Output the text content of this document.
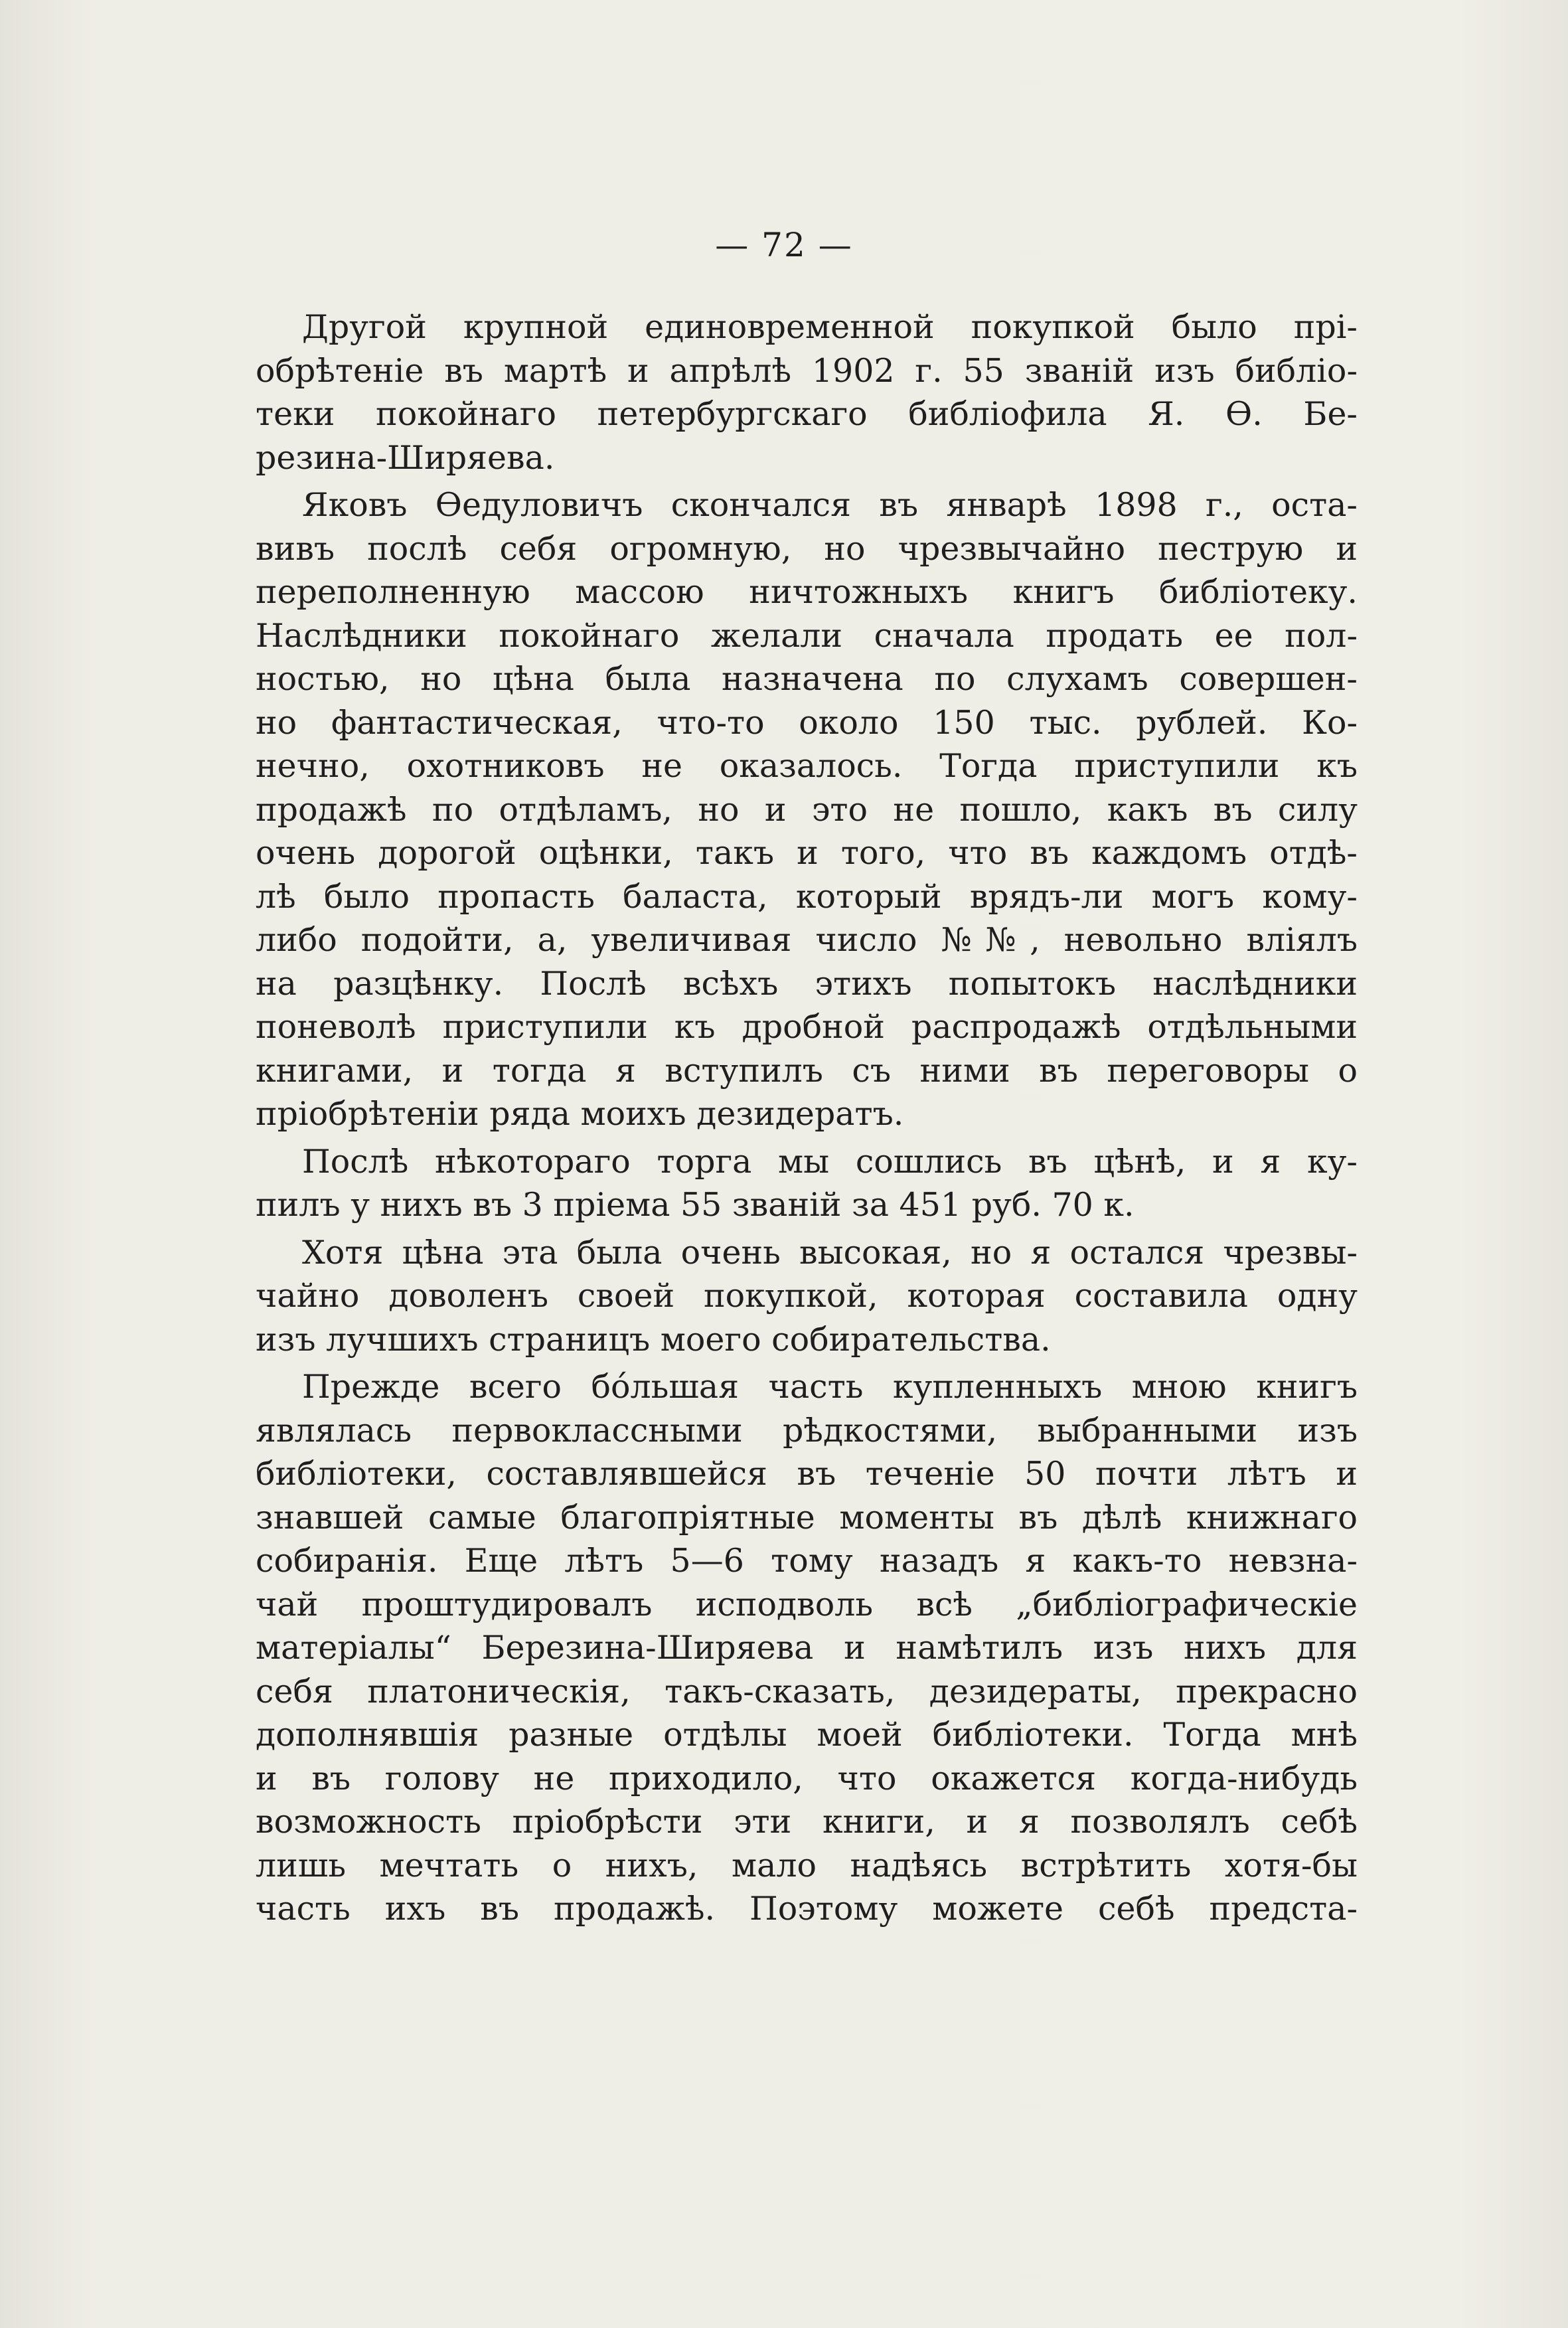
— 72 —
Другой крупной единовременной покупкой было прі-
обрѣтеніе въ мартѣ и апрѣлѣ 1902 г. 55 званій изъ библіо-
теки покойнаго петербургскаго библіофила Я. Ѳ. Бе-
резина-Ширяева.
Яковъ Ѳедуловичъ скончался въ январѣ 1898 г., оста-
вивъ послѣ себя огромную, но чрезвычайно пеструю и
переполненную массою ничтожныхъ книгъ библіотеку.
Наслѣдники покойнаго желали сначала продать ее пол-
ностью, но цѣна была назначена по слухамъ совершен-
но фантастическая, что-то около 150 тыс. рублей. Ко-
нечно, охотниковъ не оказалось. Тогда приступили къ
продажѣ по отдѣламъ, но и это не пошло, какъ въ силу
очень дорогой оцѣнки, такъ и того, что въ каждомъ отдѣ-
лѣ было пропасть баласта, который врядъ-ли могъ кому-
либо подойти, а, увеличивая число №№, невольно вліялъ
на разцѣнку. Послѣ всѣхъ этихъ попытокъ наслѣдники
поневолѣ приступили къ дробной распродажѣ отдѣльными
книгами, и тогда я вступилъ съ ними въ переговоры о
пріобрѣтеніи ряда моихъ дезидератъ.
Послѣ нѣкотораго торга мы сошлись въ цѣнѣ, и я ку-
пилъ у нихъ въ 3 пріема 55 званій за 451 руб. 70 к.
Хотя цѣна эта была очень высокая, но я остался чрезвы-
чайно доволенъ своей покупкой, которая составила одну
изъ лучшихъ страницъ моего собирательства.
Прежде всего бóльшая часть купленныхъ мною книгъ
являлась первоклассными рѣдкостями, выбранными изъ
библіотеки, составлявшейся въ теченіе 50 почти лѣтъ и
знавшей самые благопріятные моменты въ дѣлѣ книжнаго
собиранія. Еще лѣтъ 5—6 тому назадъ я какъ-то невзна-
чай проштудировалъ исподволь всѣ „библіографическіе
матеріалы“ Березина-Ширяева и намѣтилъ изъ нихъ для
себя платоническія, такъ-сказать, дезидераты, прекрасно
дополнявшія разные отдѣлы моей библіотеки. Тогда мнѣ
и въ голову не приходило, что окажется когда-нибудь
возможность пріобрѣсти эти книги, и я позволялъ себѣ
лишь мечтать о нихъ, мало надѣясь встрѣтить хотя-бы
часть ихъ въ продажѣ. Поэтому можете себѣ предста-
